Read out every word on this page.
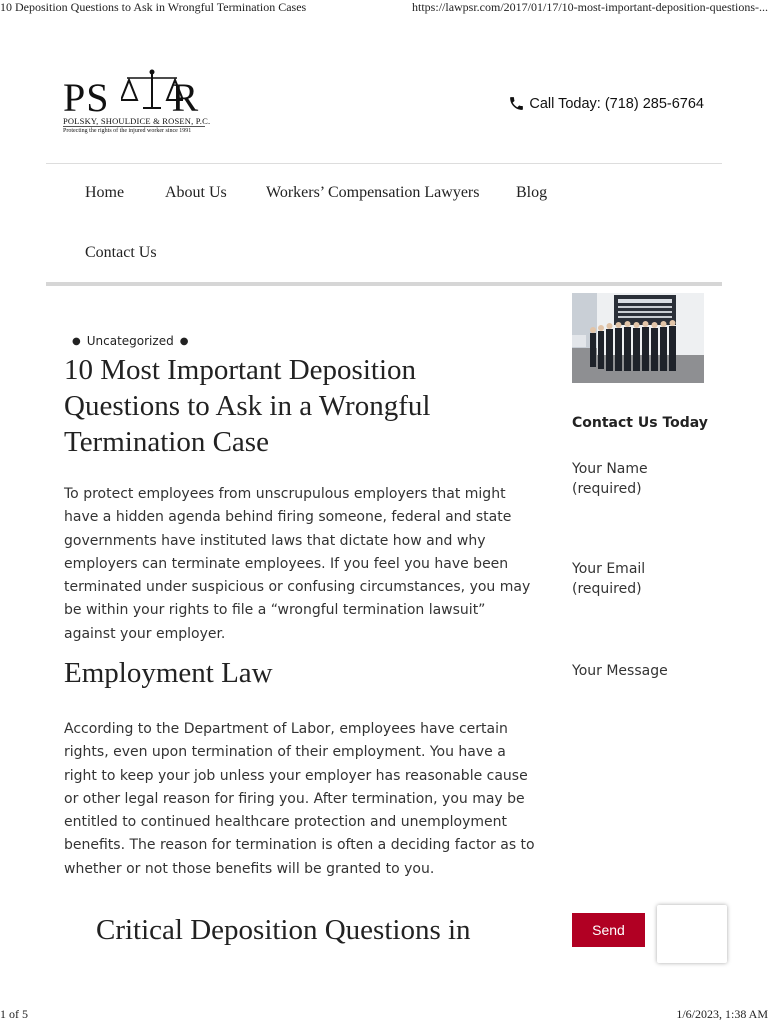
10 Deposition Questions to Ask in Wrongful Termination Cases	https://lawpsr.com/2017/01/17/10-most-important-deposition-questions-...
PS R
POLSKY, SHOULDICE & ROSEN, P.C.
Protecting the rights of the injured worker since 1991
Call Today: (718) 285-6764
Home	About Us Workers’ Compensation Lawyers Blog
Contact Us
● Uncategorized ●
10 Most Important Deposition Questions to Ask in a Wrongful Termination Case

To protect employees from unscrupulous employers that might have a hidden agenda behind firing someone, federal and state governments have instituted laws that dictate how and why employers can terminate employees. If you feel you have been terminated under suspicious or confusing circumstances, you may be within your rights to file a “wrongful termination lawsuit” against your employer.

Employment Law

According to the Department of Labor, employees have certain rights, even upon termination of their employment. You have a right to keep your job unless your employer has reasonable cause or other legal reason for firing you. After termination, you may be entitled to continued healthcare protection and unemployment benefits. The reason for termination is often a deciding factor as to whether or not those benefits will be granted to you.

Critical Deposition Questions in
Contact Us Today
Your Name (required)
Your Email (required)
Your Message
Send
1 of 5	1/6/2023, 1:38 AM
